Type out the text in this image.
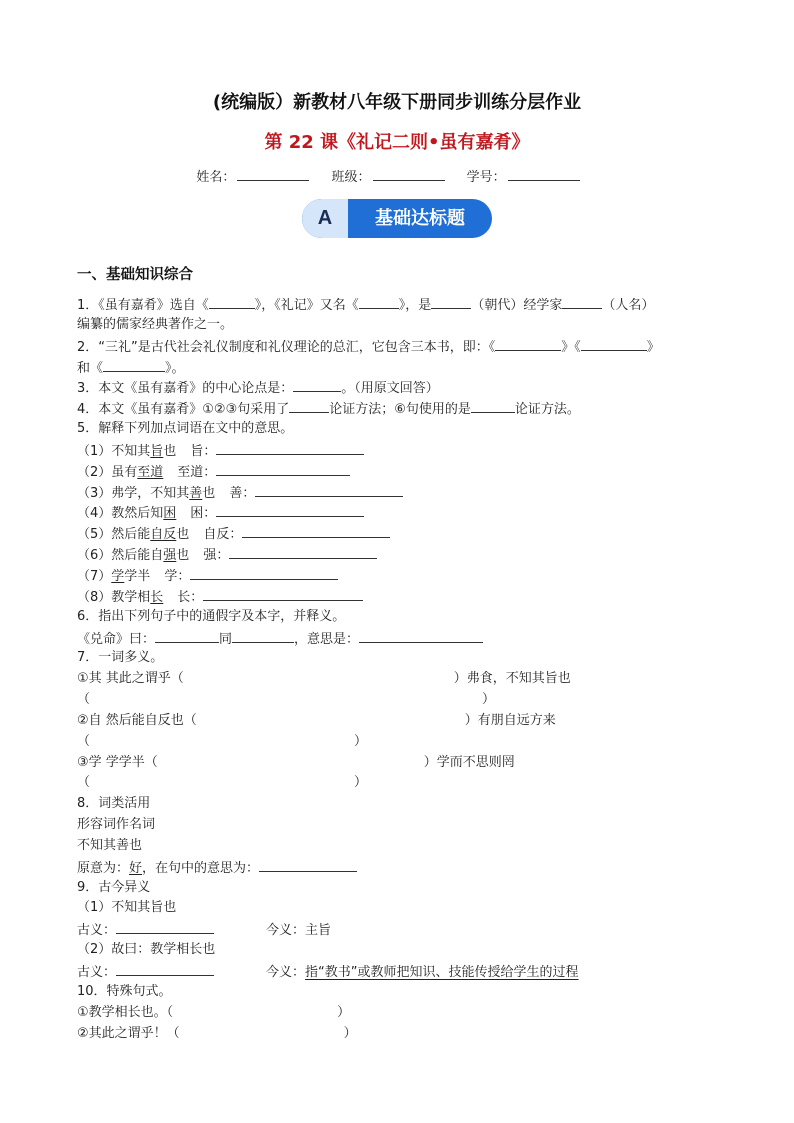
(统编版）新教材八年级下册同步训练分层作业
第 22 课《礼记二则•虽有嘉肴》
姓名：	班级：	学号：
A	基础达标题
一、基础知识综合
1．《虽有嘉肴》选自《	》，《礼记》又名《	》，是	（朝代）经学家	（人名）
编纂的儒家经典著作之一。
2．“三礼”是古代社会礼仪制度和礼仪理论的总汇，它包含三本书，即：《	》《	》
和《	》。
3．本文《虽有嘉肴》的中心论点是：	。（用原文回答）
4．本文《虽有嘉肴》①②③句采用了	论证方法；⑥句使用的是	论证方法。
5．解释下列加点词语在文中的意思。
（1）不知其旨也 旨：
（2）虽有至道 至道：
（3）弗学，不知其善也 善：
（4）教然后知困 困：
（5）然后能自反也 自反：
（6）然后能自强也 强：
（7）学学半 学：
（8）教学相长 长：
6．指出下列句子中的通假字及本字，并释义。
《兑命》曰：	同	，意思是：
7．一词多义。
①其 其此之谓乎（	）弗食，不知其旨也
（	）
②自 然后能自反也（	）有朋自远方来
（	）
③学 学学半（	）学而不思则罔
（	）
8．词类活用
形容词作名词
不知其善也
原意为：好，在句中的意思为：
9．古今异义
（1）不知其旨也
古义：	今义：主旨
（2）故曰：教学相长也
古义：	今义：指“教书”或教师把知识、技能传授给学生的过程
10．特殊句式。
①教学相长也。（	）
②其此之谓乎！（	）
